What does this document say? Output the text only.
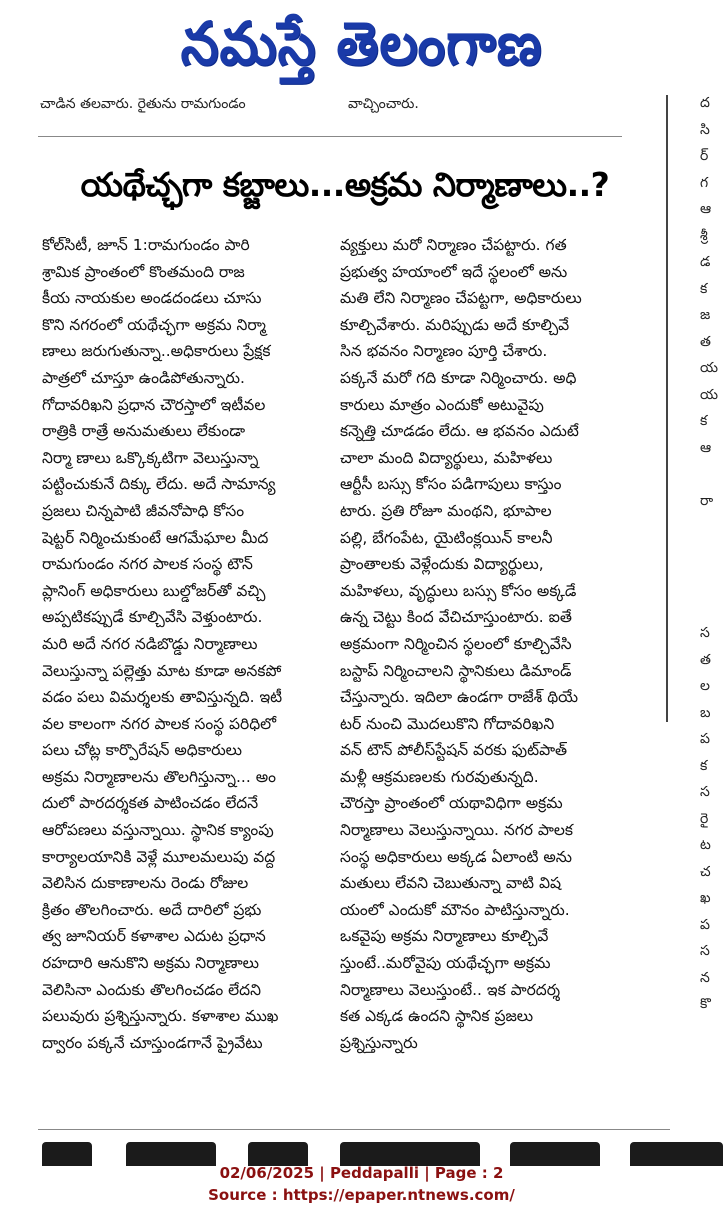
నమస్తే తెలంగాణ
చాడిన తలవారు. రైతును రామగుండం	వాచ్చించారు.
యథేచ్ఛగా కబ్జాలు...అక్రమ నిర్మాణాలు..?
కోల్‌సిటీ, జూన్ 1:రామగుండం పారి
శ్రామిక ప్రాంతంలో కొంతమంది రాజ
కీయ నాయకుల అండదండలు చూసు
కొని నగరంలో యథేచ్ఛగా అక్రమ నిర్మా
ణాలు జరుగుతున్నా..అధికారులు ప్రేక్షక
పాత్రలో చూస్తూ ఉండిపోతున్నారు.
గోదావరిఖని ప్రధాన చౌరస్తాలో ఇటీవల
రాత్రికి రాత్రే అనుమతులు లేకుండా
నిర్మా ణాలు ఒక్కొక్కటిగా వెలుస్తున్నా
పట్టించుకునే దిక్కు లేదు. అదే సామాన్య
ప్రజలు చిన్నపాటి జీవనోపాధి కోసం
షెట్టర్ నిర్మించుకుంటే ఆగమేఘాల మీద
రామగుండం నగర పాలక సంస్థ టౌన్
ప్లానింగ్ అధికారులు బుల్డోజర్‌తో వచ్చి
అప్పటికప్పుడే కూల్చివేసి వెళ్తుంటారు.
మరి అదే నగర నడిబొడ్డు నిర్మాణాలు
వెలుస్తున్నా పల్లెత్తు మాట కూడా అనకపో
వడం పలు విమర్శలకు తావిస్తున్నది. ఇటీ
వల కాలంగా నగర పాలక సంస్థ పరిధిలో
పలు చోట్ల కార్పొరేషన్ అధికారులు
అక్రమ నిర్మాణాలను తొలగిస్తున్నా... అం
దులో పారదర్శకత పాటించడం లేదనే
ఆరోపణలు వస్తున్నాయి. స్థానిక క్యాంపు
కార్యాలయానికి వెళ్లే మూలమలుపు వద్ద
వెలిసిన దుకాణాలను రెండు రోజుల
క్రితం తొలగించారు. అదే దారిలో ప్రభు
త్వ జూనియర్ కళాశాల ఎదుట ప్రధాన
రహదారి ఆనుకొని అక్రమ నిర్మాణాలు
వెలిసినా ఎందుకు తొలగించడం లేదని
పలువురు ప్రశ్నిస్తున్నారు. కళాశాల ముఖ
ద్వారం పక్కనే చూస్తుండగానే ప్రైవేటు
వ్యక్తులు మరో నిర్మాణం చేపట్టారు. గత
ప్రభుత్వ హయాంలో ఇదే స్థలంలో అను
మతి లేని నిర్మాణం చేపట్టగా, అధికారులు
కూల్చివేశారు. మరిప్పుడు అదే కూల్చివే
సిన భవనం నిర్మాణం పూర్తి చేశారు.
పక్కనే మరో గది కూడా నిర్మించారు. అధి
కారులు మాత్రం ఎందుకో అటువైపు
కన్నెత్తి చూడడం లేదు. ఆ భవనం ఎదుటే
చాలా మంది విద్యార్థులు, మహిళలు
ఆర్టీసీ బస్సు కోసం పడిగాపులు కాస్తుం
టారు. ప్రతి రోజూ మంథని, భూపాల
పల్లి, బేగంపేట, యైటింక్లయిన్ కాలనీ
ప్రాంతాలకు వెళ్లేందుకు విద్యార్థులు,
మహిళలు, వృద్ధులు బస్సు కోసం అక్కడే
ఉన్న చెట్టు కింద వేచిచూస్తుంటారు. ఐతే
అక్రమంగా నిర్మించిన స్థలంలో కూల్చివేసి
బస్టాప్ నిర్మించాలని స్థానికులు డిమాండ్
చేస్తున్నారు. ఇదిలా ఉండగా రాజేశ్ థియే
టర్ నుంచి మొదలుకొని గోదావరిఖని
వన్ టౌన్ పోలీస్‌స్టేషన్ వరకు ఫుట్‌పాత్
మళ్లీ ఆక్రమణలకు గురవుతున్నది.
చౌరస్తా ప్రాంతంలో యథావిధిగా అక్రమ
నిర్మాణాలు వెలుస్తున్నాయి. నగర పాలక
సంస్థ అధికారులు అక్కడ ఏలాంటి అను
మతులు లేవని చెబుతున్నా వాటి విష
యంలో ఎందుకో మౌనం పాటిస్తున్నారు.
ఒకవైపు అక్రమ నిర్మాణాలు కూల్చివే
స్తుంటే..మరోవైపు యథేచ్ఛగా అక్రమ
నిర్మాణాలు వెలుస్తుంటే.. ఇక పారదర్శ
కత ఎక్కడ ఉందని స్థానిక ప్రజలు
ప్రశ్నిస్తున్నారు
ద
సి
ర్
గ
ఆ
శ్రీ
డ
క
జ
త
య
య
క
ఆ
రా
స
త
ల
బ
ప
క
స
రై
ట
చ
ఖ
ప
స
న
కొ
02/06/2025 | Peddapalli | Page : 2
Source : https://epaper.ntnews.com/
